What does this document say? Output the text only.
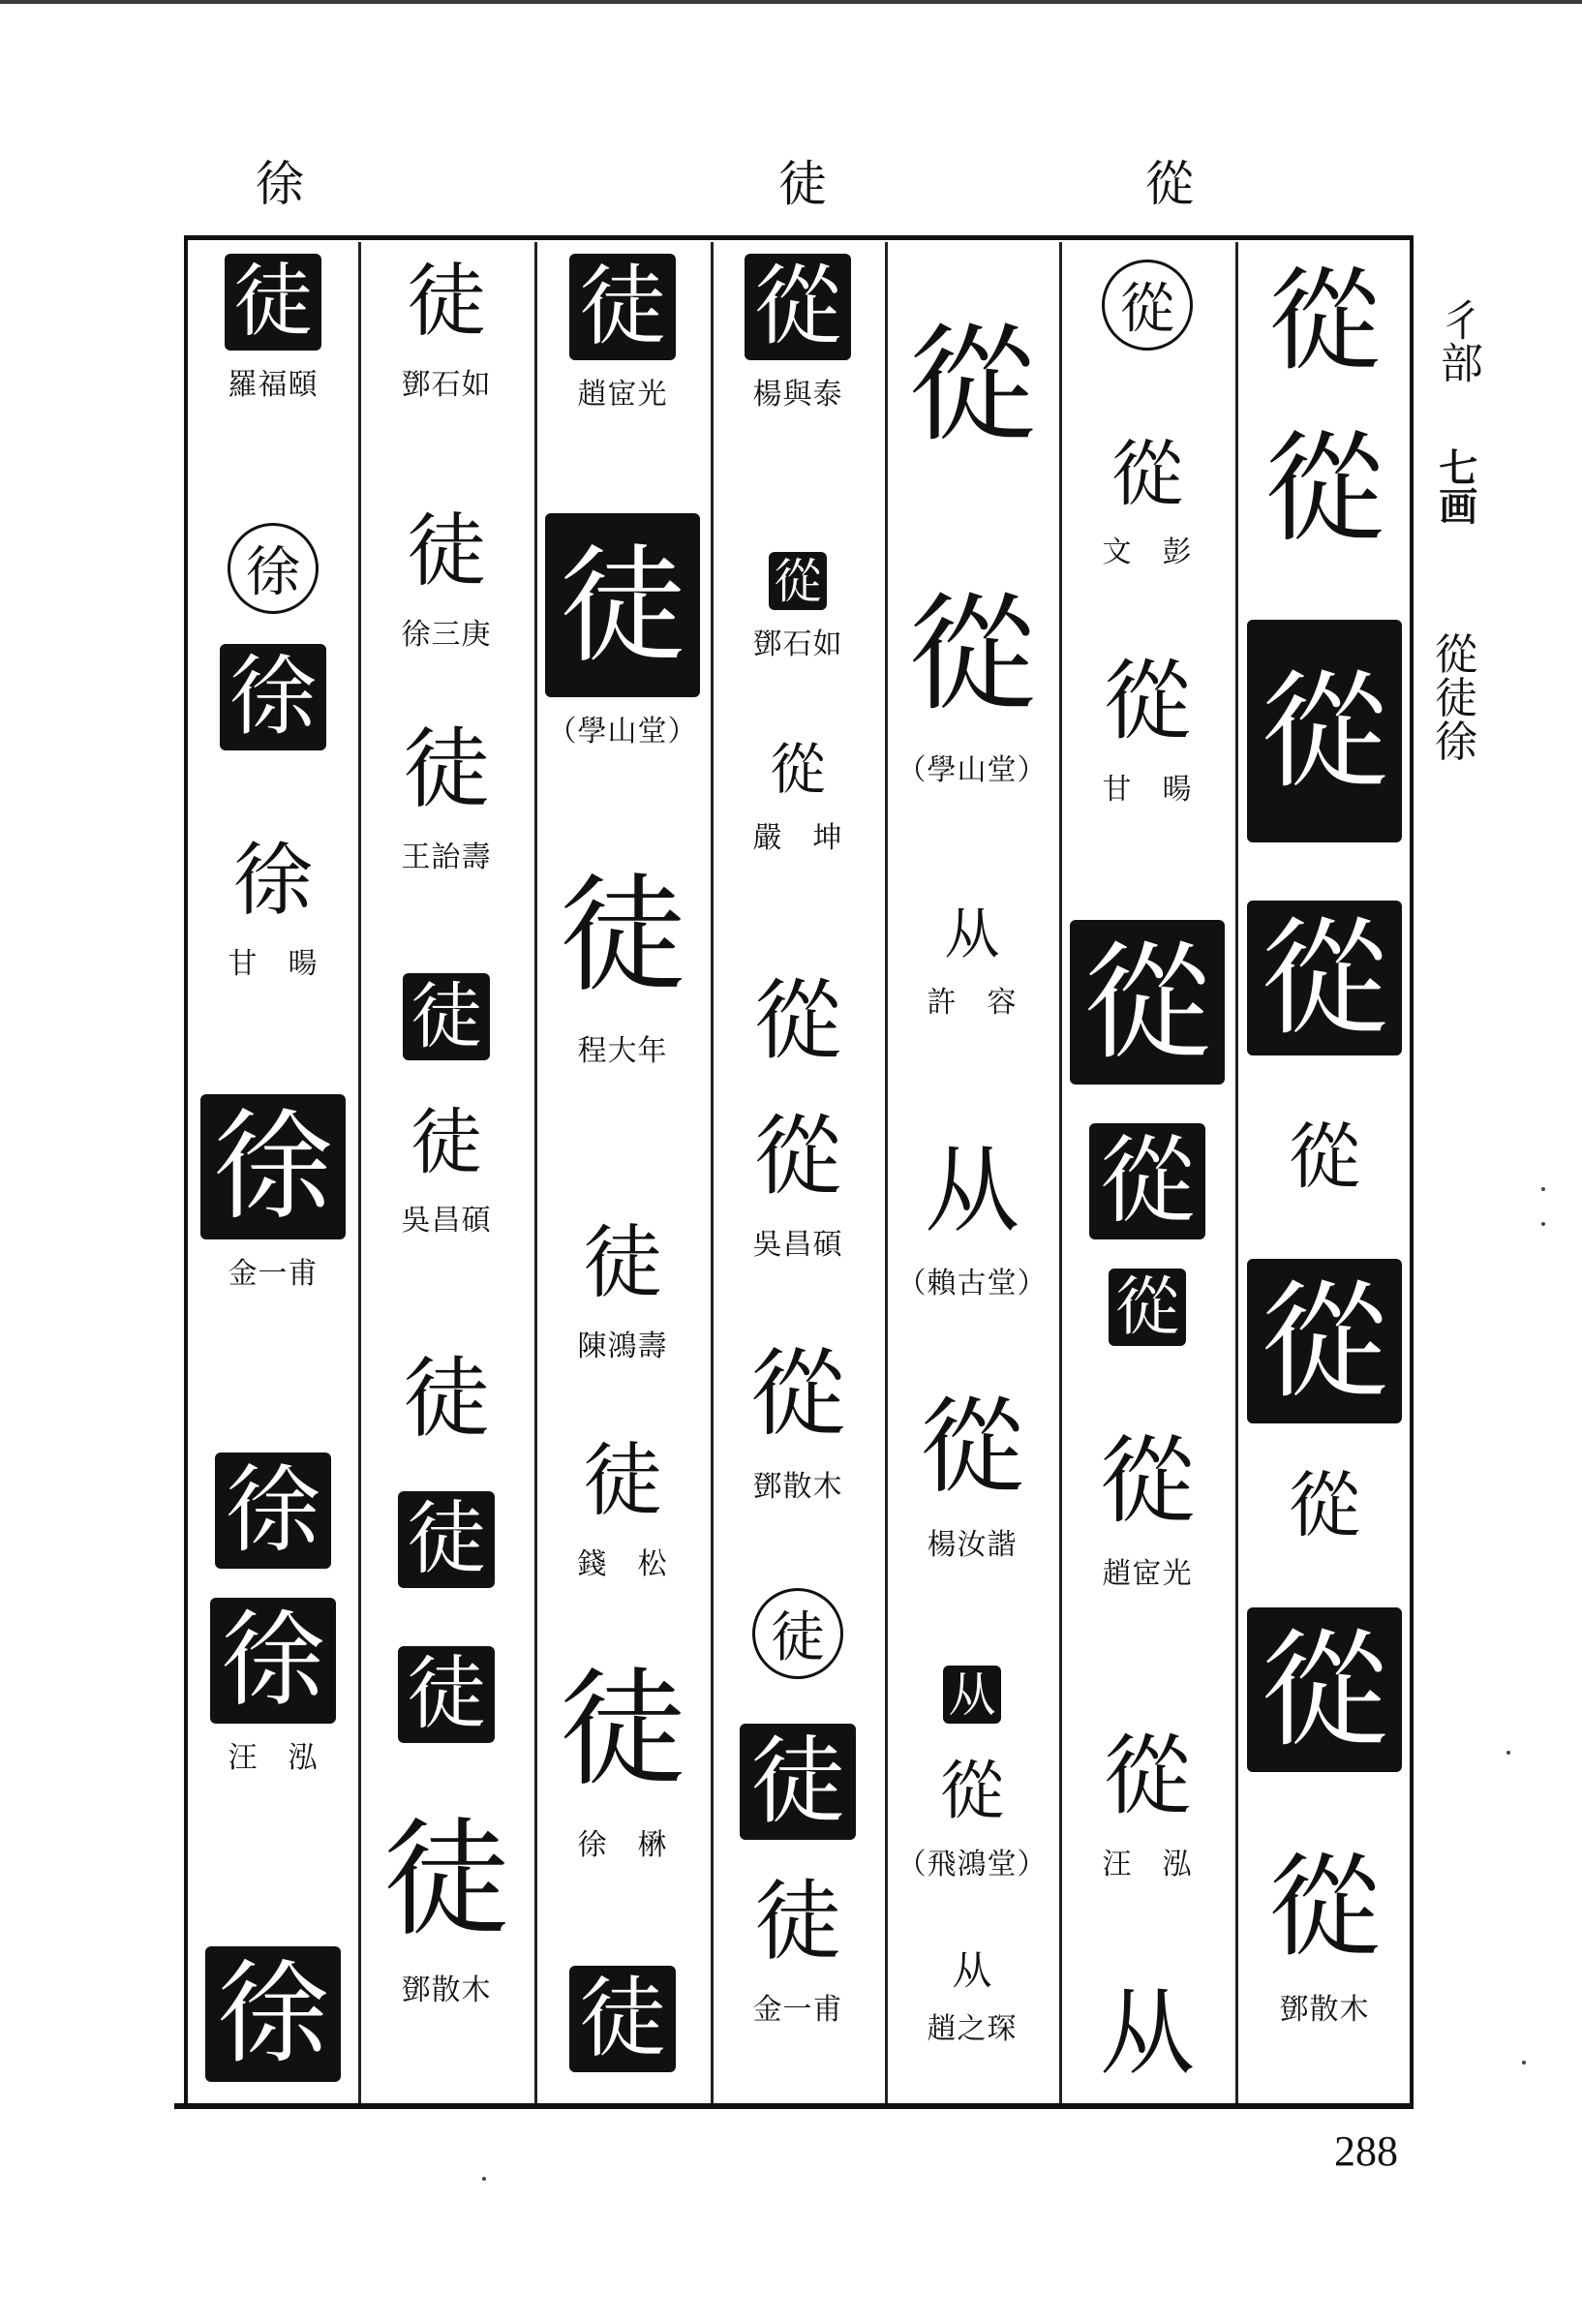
徐	徒	從
徒
羅福頤
徐
徐
徐
甘　暘
徐
金一甫
徐
徐
汪　泓
徐
徒
鄧石如
徒
徐三庚
徒
王詒壽
徒
徒
吳昌碩
徒
徒
徒
徒
鄧散木
徒
趙宧光
徒
（學山堂）
徒
程大年
徒
陳鴻壽
徒
錢　松
徒
徐　楙
徒
從
楊與泰
從
鄧石如
從
嚴　坤
從
從
吳昌碩
從
鄧散木
徒
徒
徒
金一甫
從
從
（學山堂）
从
許　容
从
（賴古堂）
從
楊汝諧
从
從
（飛鴻堂）
从
趙之琛
從
從
文　彭
從
甘　暘
從
從
從
從
趙宧光
從
汪　泓
从
從
從
從
從
從
從
從
從
從
鄧散木
彳部
七画
從
徒
徐
288
